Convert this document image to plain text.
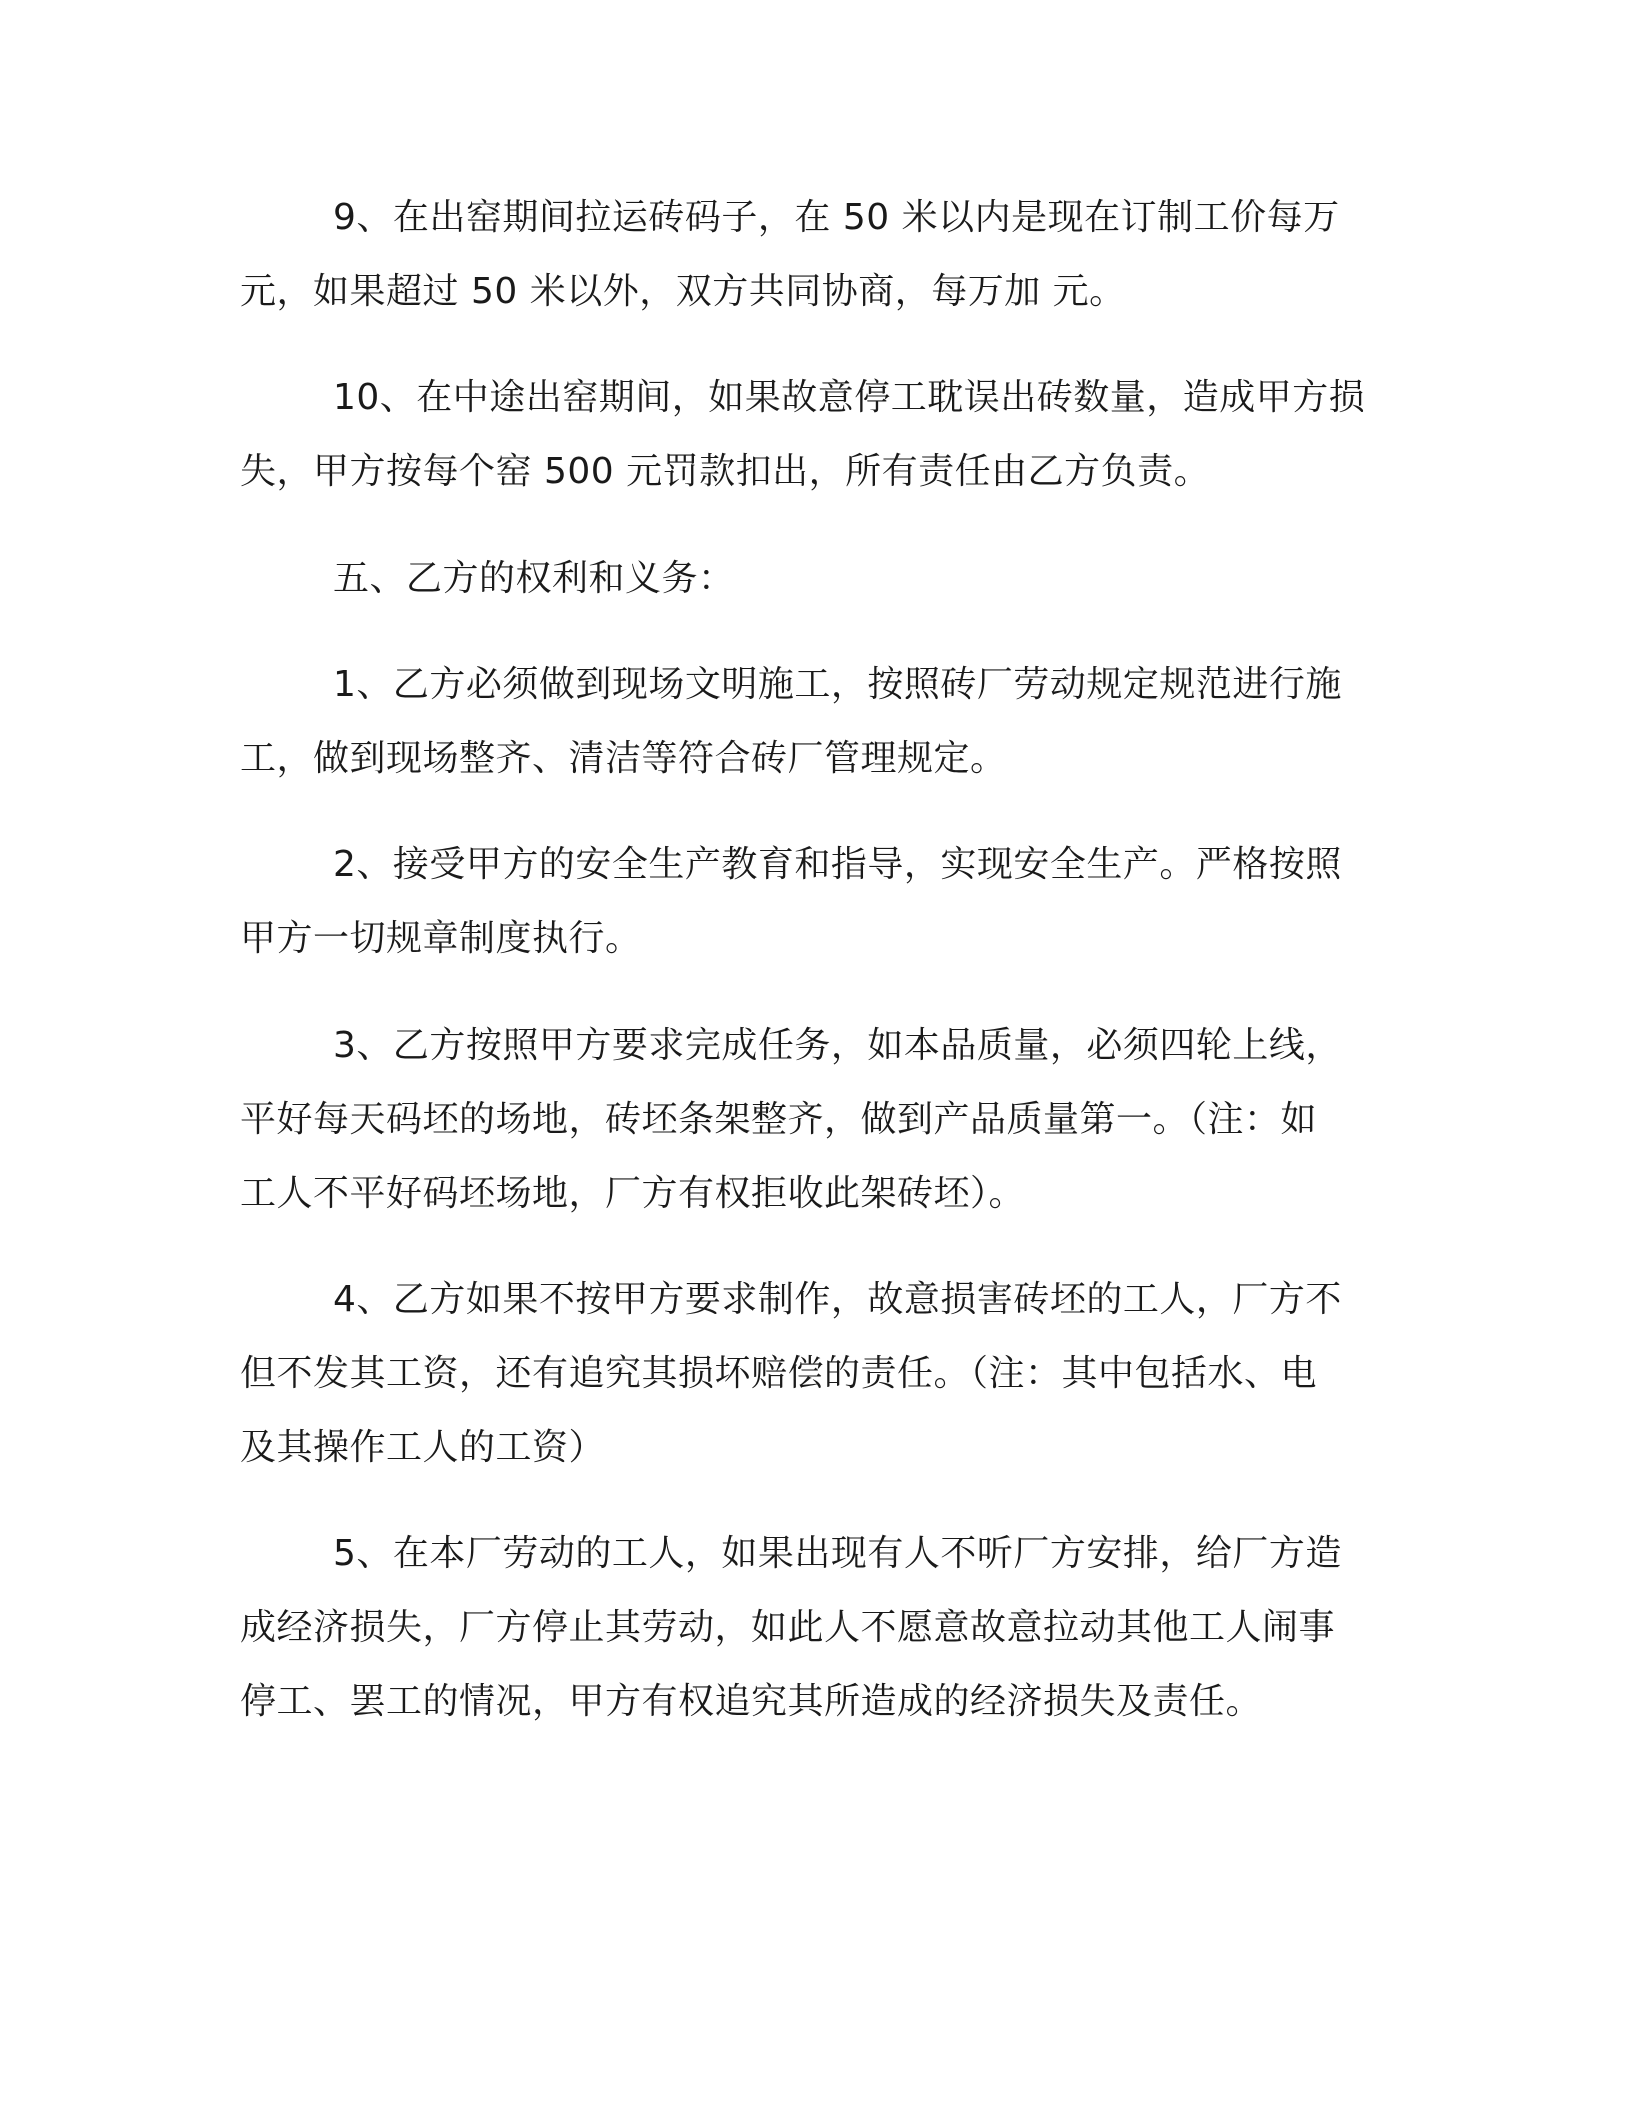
9、在出窑期间拉运砖码子，在 50 米以内是现在订制工价每万
元，如果超过 50 米以外，双方共同协商，每万加 元。
10、在中途出窑期间，如果故意停工耽误出砖数量，造成甲方损
失，甲方按每个窑 500 元罚款扣出，所有责任由乙方负责。
五、乙方的权利和义务：
1、乙方必须做到现场文明施工，按照砖厂劳动规定规范进行施
工，做到现场整齐、清洁等符合砖厂管理规定。
2、接受甲方的安全生产教育和指导，实现安全生产。严格按照
甲方一切规章制度执行。
3、乙方按照甲方要求完成任务，如本品质量，必须四轮上线，
平好每天码坯的场地，砖坯条架整齐，做到产品质量第一。（注：如
工人不平好码坯场地，厂方有权拒收此架砖坯）。
4、乙方如果不按甲方要求制作，故意损害砖坯的工人，厂方不
但不发其工资，还有追究其损坏赔偿的责任。（注：其中包括水、电
及其操作工人的工资）
5、在本厂劳动的工人，如果出现有人不听厂方安排，给厂方造
成经济损失，厂方停止其劳动，如此人不愿意故意拉动其他工人闹事
停工、罢工的情况，甲方有权追究其所造成的经济损失及责任。
